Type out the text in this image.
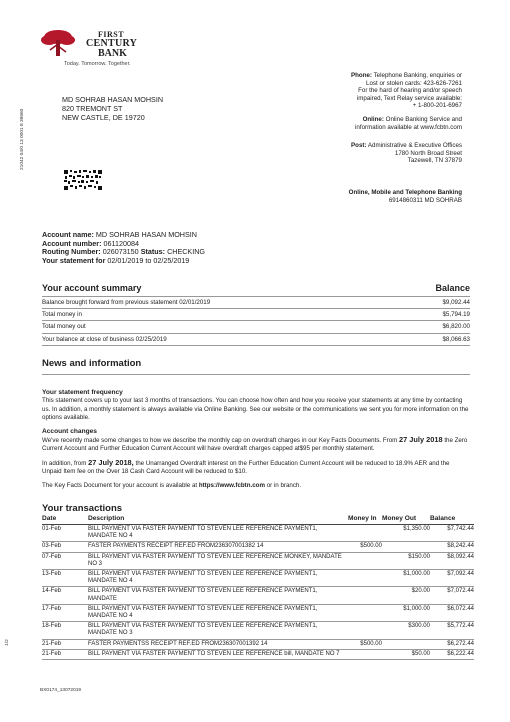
FIRST
CENTURY
BANK
Today. Tomorrow. Together.
Phone: Telephone Banking, enquiries or
Lost or stolen cards: 423-626-7261
For the hard of hearing and/or speech
impaired, Text Relay service available:
+ 1-800-201-6967
Online: Online Banking Service and
information available at www.fcbtn.com
Post: Administrative & Executive Offices
1780 North Broad Street
Tazewell, TN 37879
21042 04/0 13 0001 8 39660
MD SOHRAB HASAN MOHSIN
820 TREMONT ST
NEW CASTLE, DE 19720
Online, Mobile and Telephone Banking
6914860311 MD SOHRAB
Account name: MD SOHRAB HASAN MOHSIN
Account number: 061120084
Routing Number: 026073150 Status: CHECKING
Your statement for 02/01/2019 to 02/25/2019
Your account summary	Balance
Balance brought forward from previous statement 02/01/2019	$9,092.44
Total money in	$5,794.19
Total money out	$6,820.00
Your balance at close of business 02/25/2019	$8,066.63
News and information
Your statement frequency
This statement covers up to your last 3 months of transactions. You can choose how often and how you receive your statements at any time by contacting us. In addition, a monthly statement is always available via Online Banking. See our website or the communications we sent you for more information on the options available.
Account changes
We've recently made some changes to how we describe the monthly cap on overdraft charges in our Key Facts Documents. From 27 July 2018 the Zero Current Account and Further Education Current Account will have overdraft charges capped at$95 per monthly statement.
In addition, from 27 July 2018, the Unarranged Overdraft interest on the Further Education Current Account will be reduced to 18.9% AER and the Unpaid Item fee on the Over 18 Cash Card Account will be reduced to $10.
The Key Facts Document for your account is available at https://www.fcbtn.com or in branch.
Your transactions
Date	Description	Money In	Money Out	Balance
01-Feb	BILL PAYMENT VIA FASTER PAYMENT TO STEVEN LEE REFERENCE PAYMENT1, MANDATE NO 4		$1,350.00	$7,742.44
03-Feb	FASTER PAYMENTS RECEIPT REF.ED FROM236307001382 14	$500.00		$8,242.44
07-Feb	BILL PAYMENT VIA FASTER PAYMENT TO STEVEN LEE REFERENCE MONKEY, MANDATE NO 3		$150.00	$8,092.44
13-Feb	BILL PAYMENT VIA FASTER PAYMENT TO STEVEN LEE REFERENCE PAYMENT1, MANDATE NO 4		$1,000.00	$7,092.44
14-Feb	BILL PAYMENT VIA FASTER PAYMENT TO STEVEN LEE REFERENCE PAYMENT1, MANDATE		$20.00	$7,072.44
17-Feb	BILL PAYMENT VIA FASTER PAYMENT TO STEVEN LEE REFERENCE PAYMENT1, MANDATE NO 4		$1,000.00	$6,072.44
18-Feb	BILL PAYMENT VIA FASTER PAYMENT TO STEVEN LEE REFERENCE PAYMENT1, MANDATE NO 3		$300.00	$5,772.44
21-Feb	FASTER PAYMENTSS RECEIPT REF.ED FROM236307001392 14	$500.00		$6,272.44
21-Feb	BILL PAYMENT VIA FASTER PAYMENT TO STEVEN LEE REFERENCE bill, MANDATE NO 7		$50.00	$6,222.44
BX0174_13072019
1/2
